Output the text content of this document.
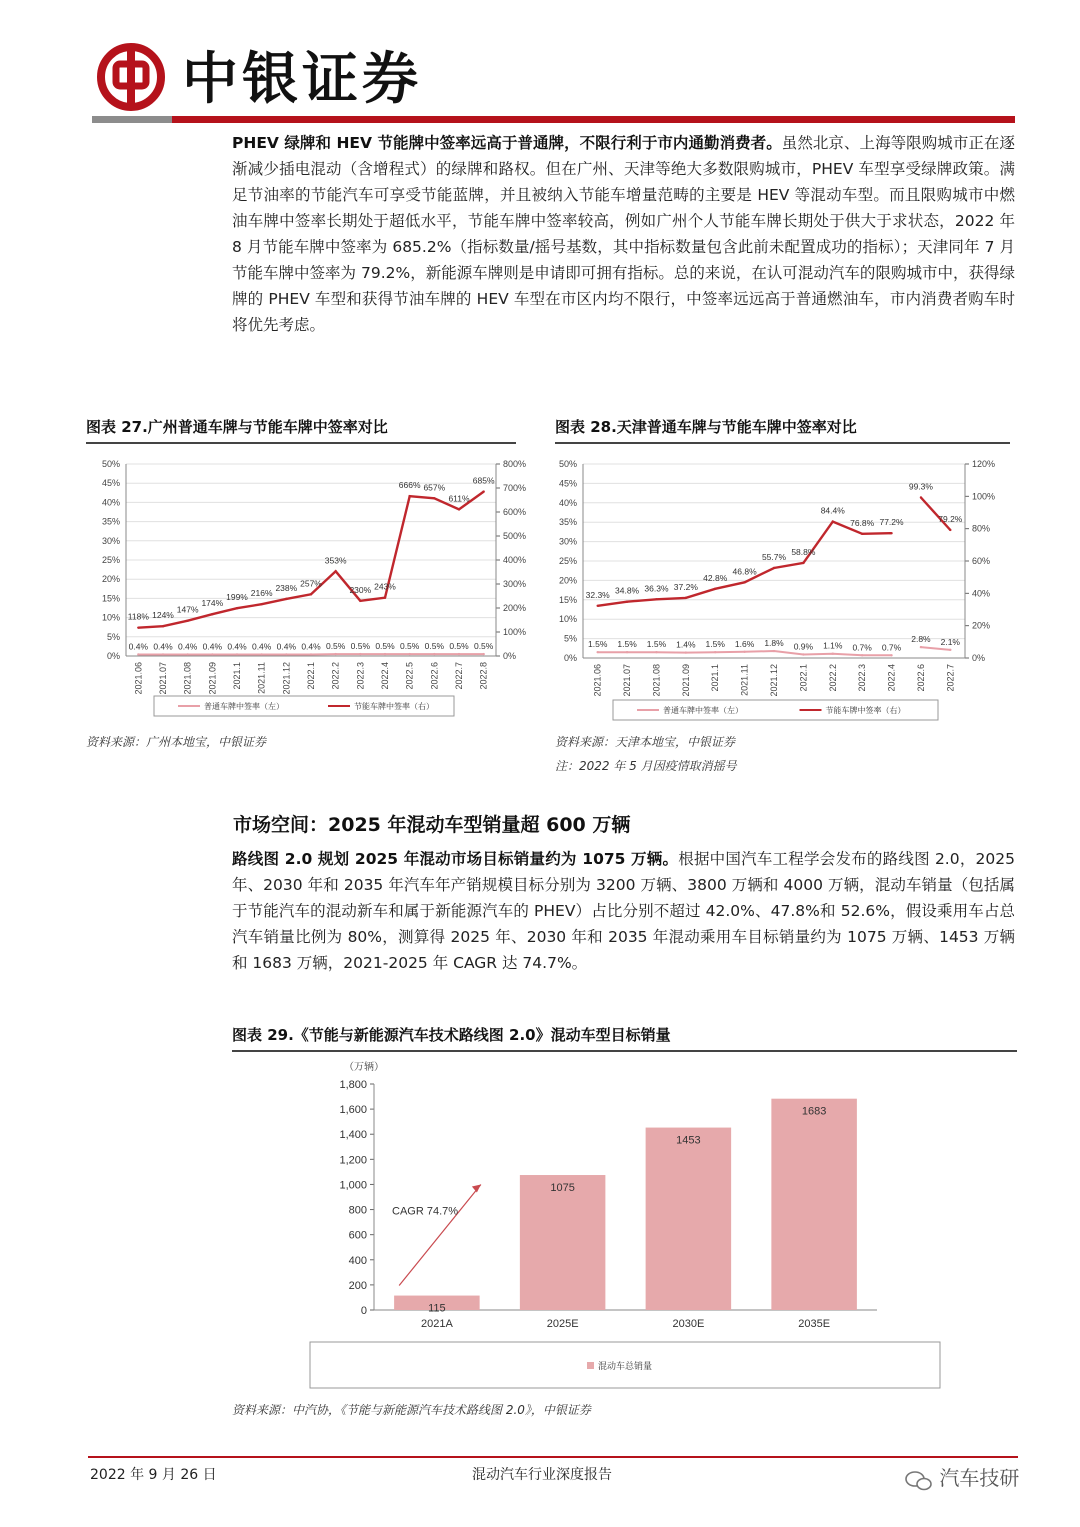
中银证券
PHEV 绿牌和 HEV 节能牌中签率远高于普通牌，不限行利于市内通勤消费者。虽然北京、上海等限购城市正在逐渐减少插电混动（含增程式）的绿牌和路权。但在广州、天津等绝大多数限购城市，PHEV 车型享受绿牌政策。满足节油率的节能汽车可享受节能蓝牌，并且被纳入节能车增量范畴的主要是 HEV 等混动车型。而且限购城市中燃油车牌中签率长期处于超低水平，节能车牌中签率较高，例如广州个人节能车牌长期处于供大于求状态，2022 年 8 月节能车牌中签率为 685.2%（指标数量/摇号基数，其中指标数量包含此前未配置成功的指标）；天津同年 7 月节能车牌中签率为 79.2%，新能源车牌则是申请即可拥有指标。总的来说，在认可混动汽车的限购城市中，获得绿牌的 PHEV 车型和获得节油车牌的 HEV 车型在市区内均不限行，中签率远远高于普通燃油车，市内消费者购车时将优先考虑。
图表 27.广州普通车牌与节能车牌中签率对比
0%
5%
10%
15%
20%
25%
30%
35%
40%
45%
50%
0%
100%
200%
300%
400%
500%
600%
700%
800%
2021.06 2021.07 2021.08 2021.09 2021.1 2021.11 2021.12 2022.1 2022.2 2022.3 2022.4 2022.5 2022.6 2022.7 2022.8
0.4% 0.4% 0.4% 0.4% 0.4% 0.4% 0.4% 0.4% 0.5% 0.5% 0.5% 0.5% 0.5% 0.5% 0.5%
118% 124%
147%
174%
199% 216%
238% 257%
353%
230% 243%
666% 657%
611%
685%
普通车牌中签率（左）	节能车牌中签率（右）
资料来源：广州本地宝，中银证券
图表 28.天津普通车牌与节能车牌中签率对比
0%
5%
10%
15%
20%
25%
30%
35%
40%
45%
50%
0%
20%
40%
60%
80%
100%
120%
2021.06 2021.07 2021.08 2021.09 2021.1 2021.11 2021.12 2022.1 2022.2 2022.3 2022.4 2022.6 2022.7
1.5% 1.5% 1.5% 1.4% 1.5% 1.6% 1.8% 0.9% 1.1% 0.7% 0.7%
2.8% 2.1%
32.3% 34.8% 36.3% 37.2%
42.8%
46.8%
55.7%
58.8%
84.4%
76.8% 77.2%
99.3%
79.2%
普通车牌中签率（左）	节能车牌中签率（右）
资料来源：天津本地宝，中银证券
注：2022 年 5 月因疫情取消摇号
市场空间：2025 年混动车型销量超 600 万辆
路线图 2.0 规划 2025 年混动市场目标销量约为 1075 万辆。根据中国汽车工程学会发布的路线图 2.0，2025 年、2030 年和 2035 年汽车年产销规模目标分别为 3200 万辆、3800 万辆和 4000 万辆，混动车销量（包括属于节能汽车的混动新车和属于新能源汽车的 PHEV）占比分别不超过 42.0%、47.8%和 52.6%，假设乘用车占总汽车销量比例为 80%，测算得 2025 年、2030 年和 2035 年混动乘用车目标销量约为 1075 万辆、1453 万辆和 1683 万辆，2021-2025 年 CAGR 达 74.7%。
图表 29.《节能与新能源汽车技术路线图 2.0》混动车型目标销量
（万辆）
0
200
400
600
800
1,000
1,200
1,400
1,600
1,800
115
2021A
1075
2025E
1453
2030E
1683
2035E
CAGR 74.7%
混动车总销量
资料来源：中汽协，《节能与新能源汽车技术路线图 2.0》，中银证券
2022 年 9 月 26 日	混动汽车行业深度报告	汽车技研
